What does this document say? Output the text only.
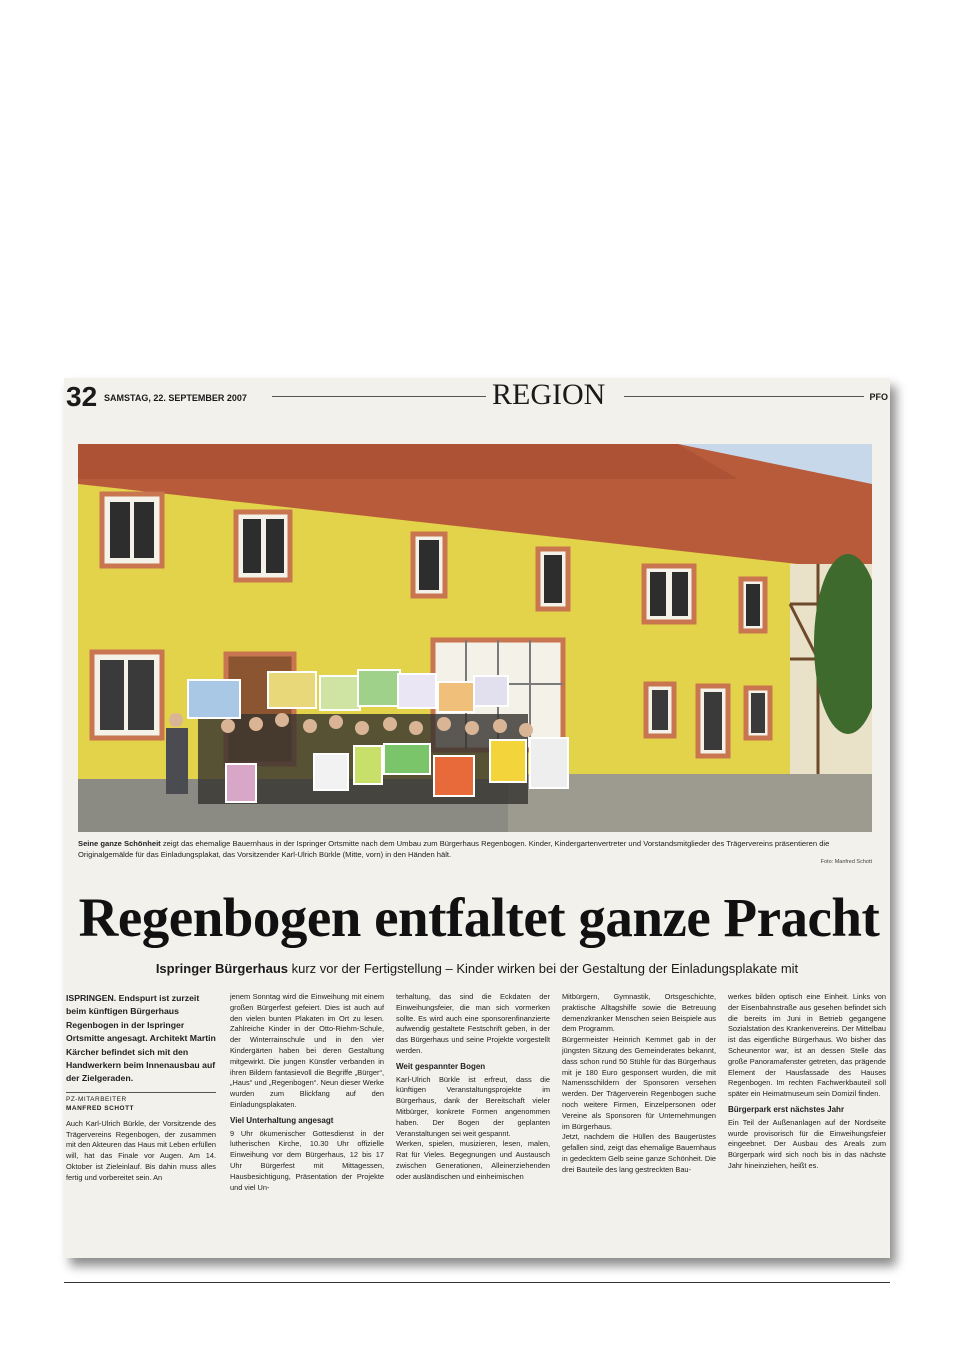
32 SAMSTAG, 22. SEPTEMBER 2007	REGION	PFO
Seine ganze Schönheit zeigt das ehemalige Bauernhaus in der Ispringer Ortsmitte nach dem Umbau zum Bürgerhaus Regenbogen. Kinder, Kindergartenvertreter und Vorstandsmitglieder des Trägervereins präsentieren die Originalgemälde für das Einladungsplakat, das Vorsitzender Karl-Ulrich Bürkle (Mitte, vorn) in den Händen hält.
Foto: Manfred Schott
Regenbogen entfaltet ganze Pracht
Ispringer Bürgerhaus kurz vor der Fertigstellung – Kinder wirken bei der Gestaltung der Einladungsplakate mit

ISPRINGEN. Endspurt ist zurzeit beim künftigen Bürgerhaus Regenbogen in der Ispringer Ortsmitte angesagt. Architekt Martin Kärcher befindet sich mit den Handwerkern beim Innenausbau auf der Zielgeraden.

PZ-MITARBEITER
MANFRED SCHOTT

Auch Karl-Ulrich Bürkle, der Vorsitzende des Trägervereins Regenbogen, der zusammen mit den Akteuren das Haus mit Leben erfüllen will, hat das Finale vor Augen. Am 14. Oktober ist Zieleinlauf. Bis dahin muss alles fertig und vorbereitet sein. An

jenem Sonntag wird die Einweihung mit einem großen Bürgerfest gefeiert. Dies ist auch auf den vielen bunten Plakaten im Ort zu lesen. Zahlreiche Kinder in der Otto-Riehm-Schule, der Winterrainschule und in den vier Kindergärten haben bei deren Gestaltung mitgewirkt. Die jungen Künstler verbanden in ihren Bildern fantasievoll die Begriffe „Bürger“, „Haus“ und „Regenbogen“. Neun dieser Werke wurden zum Blickfang auf den Einladungsplakaten.

Viel Unterhaltung angesagt

9 Uhr ökumenischer Gottesdienst in der lutherischen Kirche, 10.30 Uhr offizielle Einweihung vor dem Bürgerhaus, 12 bis 17 Uhr Bürgerfest mit Mittagessen, Hausbesichtigung, Präsentation der Projekte und viel Un-

terhaltung, das sind die Eckdaten der Einweihungsfeier, die man sich vormerken sollte. Es wird auch eine sponsorenfinanzierte aufwendig gestaltete Festschrift geben, in der das Bürgerhaus und seine Projekte vorgestellt werden.

Weit gespannter Bogen

Karl-Ulrich Bürkle ist erfreut, dass die künftigen Veranstaltungsprojekte im Bürgerhaus, dank der Bereitschaft vieler Mitbürger, konkrete Formen angenommen haben. Der Bogen der geplanten Veranstaltungen sei weit gespannt.

Werken, spielen, musizieren, lesen, malen, Rat für Vieles. Begegnungen und Austausch zwischen Generationen, Alleinerziehenden oder ausländischen und einheimischen

Mitbürgern, Gymnastik, Ortsgeschichte, praktische Alltagshilfe sowie die Betreuung demenzkranker Menschen seien Beispiele aus dem Programm.

Bürgermeister Heinrich Kemmet gab in der jüngsten Sitzung des Gemeinderates bekannt, dass schon rund 50 Stühle für das Bürgerhaus mit je 180 Euro gesponsert wurden, die mit Namensschildern der Sponsoren versehen werden. Der Trägerverein Regenbogen suche noch weitere Firmen, Einzelpersonen oder Vereine als Sponsoren für Unternehmungen im Bürgerhaus.

Jetzt, nachdem die Hüllen des Baugerüstes gefallen sind, zeigt das ehemalige Bauernhaus in gedecktem Gelb seine ganze Schönheit. Die drei Bauteile des lang gestreckten Bau-

werkes bilden optisch eine Einheit. Links von der Eisenbahnstraße aus gesehen befindet sich die bereits im Juni in Betrieb gegangene Sozialstation des Krankenvereins. Der Mittelbau ist das eigentliche Bürgerhaus. Wo bisher das Scheunentor war, ist an dessen Stelle das große Panoramafenster getreten, das prägende Element der Hausfassade des Hauses Regenbogen. Im rechten Fachwerkbauteil soll später ein Heimatmuseum sein Domizil finden.

Bürgerpark erst nächstes Jahr

Ein Teil der Außenanlagen auf der Nordseite wurde provisorisch für die Einweihungsfeier eingeebnet. Der Ausbau des Areals zum Bürgerpark wird sich noch bis in das nächste Jahr hineinziehen, heißt es.
